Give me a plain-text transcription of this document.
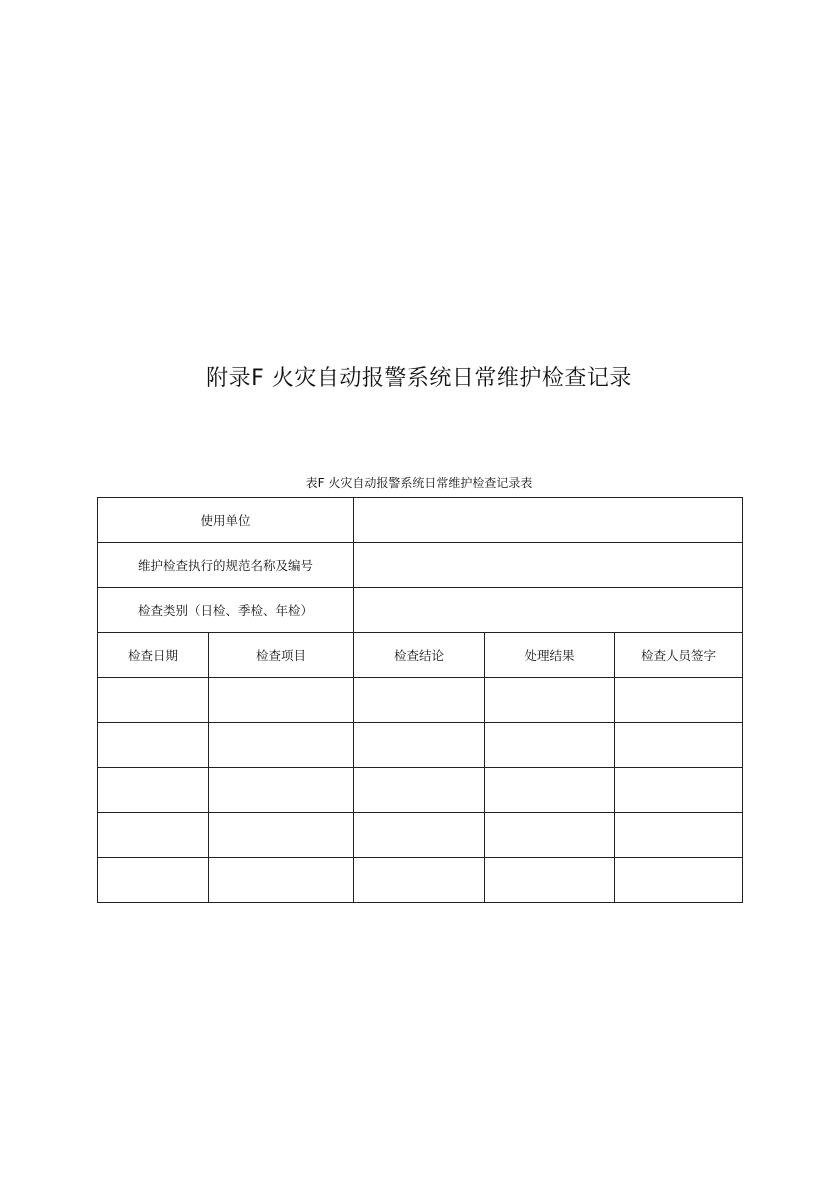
附录F 火灾自动报警系统日常维护检查记录
表F 火灾自动报警系统日常维护检查记录表
使用单位				
维护检查执行的规范名称及编号				
检查类别（日检、季检、年检）				
检查日期	检查项目	检查结论	处理结果	检查人员签字
